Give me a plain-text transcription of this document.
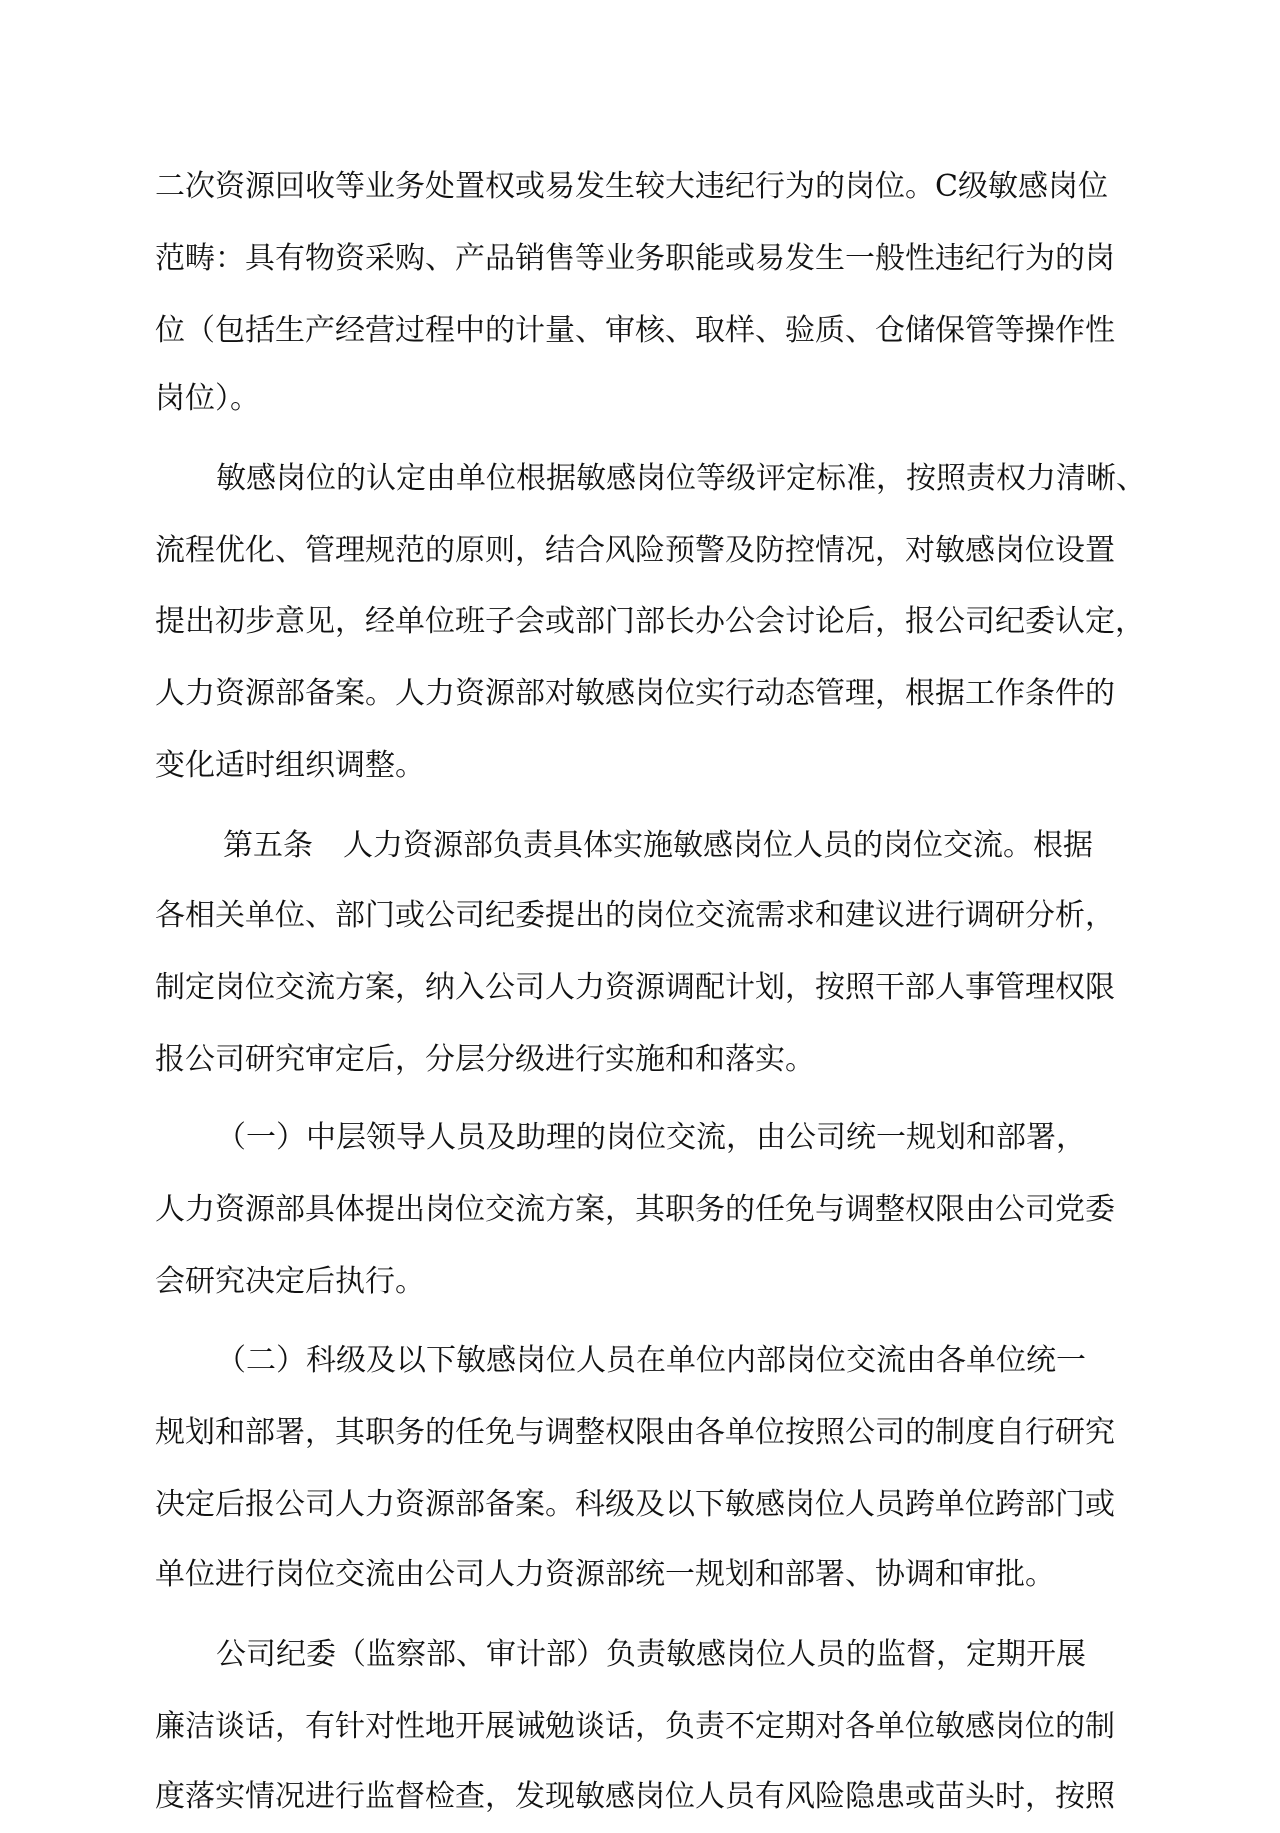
二次资源回收等业务处置权或易发生较大违纪行为的岗位。C级敏感岗位
范畴：具有物资采购、产品销售等业务职能或易发生一般性违纪行为的岗
位（包括生产经营过程中的计量、审核、取样、验质、仓储保管等操作性
岗位）。
敏感岗位的认定由单位根据敏感岗位等级评定标准，按照责权力清晰、
流程优化、管理规范的原则，结合风险预警及防控情况，对敏感岗位设置
提出初步意见，经单位班子会或部门部长办公会讨论后，报公司纪委认定，
人力资源部备案。人力资源部对敏感岗位实行动态管理，根据工作条件的
变化适时组织调整。
第五条　人力资源部负责具体实施敏感岗位人员的岗位交流。根据
各相关单位、部门或公司纪委提出的岗位交流需求和建议进行调研分析，
制定岗位交流方案，纳入公司人力资源调配计划，按照干部人事管理权限
报公司研究审定后，分层分级进行实施和和落实。
（一）中层领导人员及助理的岗位交流，由公司统一规划和部署，
人力资源部具体提出岗位交流方案，其职务的任免与调整权限由公司党委
会研究决定后执行。
（二）科级及以下敏感岗位人员在单位内部岗位交流由各单位统一
规划和部署，其职务的任免与调整权限由各单位按照公司的制度自行研究
决定后报公司人力资源部备案。科级及以下敏感岗位人员跨单位跨部门或
单位进行岗位交流由公司人力资源部统一规划和部署、协调和审批。
公司纪委（监察部、审计部）负责敏感岗位人员的监督，定期开展
廉洁谈话，有针对性地开展诫勉谈话，负责不定期对各单位敏感岗位的制
度落实情况进行监督检查，发现敏感岗位人员有风险隐患或苗头时，按照
